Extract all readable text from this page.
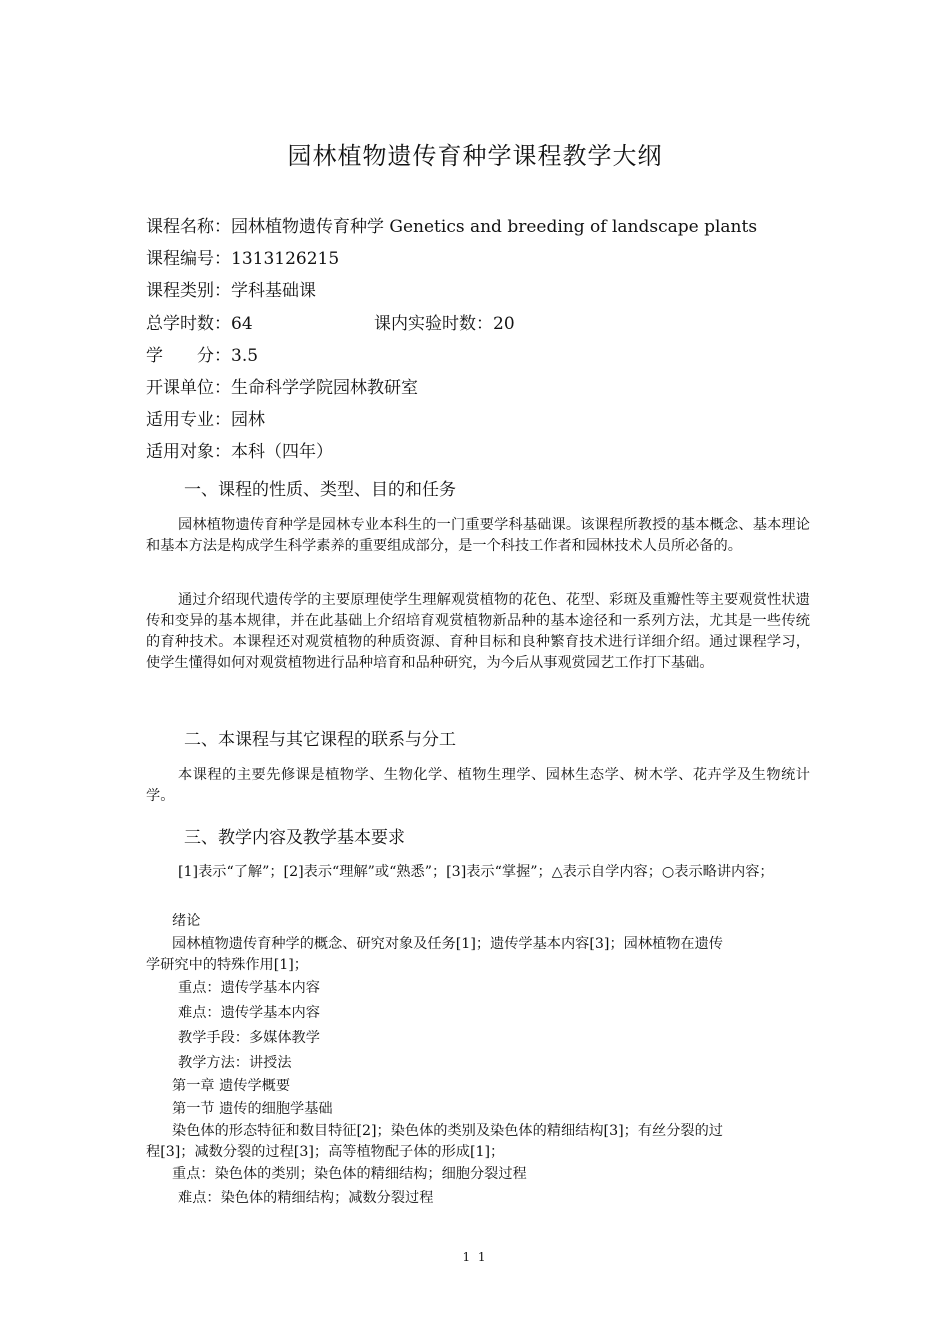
园林植物遗传育种学课程教学大纲
课程名称：园林植物遗传育种学 Genetics and breeding of landscape plants
课程编号：1313126215
课程类别：学科基础课
总学时数：64	课内实验时数：20
学　　分：3.5
开课单位：生命科学学院园林教研室
适用专业：园林
适用对象：本科（四年）
一、课程的性质、类型、目的和任务
园林植物遗传育种学是园林专业本科生的一门重要学科基础课。该课程所教授的基本概念、基本理论和基本方法是构成学生科学素养的重要组成部分，是一个科技工作者和园林技术人员所必备的。
通过介绍现代遗传学的主要原理使学生理解观赏植物的花色、花型、彩斑及重瓣性等主要观赏性状遗传和变异的基本规律，并在此基础上介绍培育观赏植物新品种的基本途径和一系列方法，尤其是一些传统的育种技术。本课程还对观赏植物的种质资源、育种目标和良种繁育技术进行详细介绍。通过课程学习，使学生懂得如何对观赏植物进行品种培育和品种研究，为今后从事观赏园艺工作打下基础。
二、本课程与其它课程的联系与分工
本课程的主要先修课是植物学、生物化学、植物生理学、园林生态学、树木学、花卉学及生物统计学。
三、教学内容及教学基本要求
[1]表示“了解”；[2]表示“理解”或“熟悉”；[3]表示“掌握”；△表示自学内容；○表示略讲内容；
绪论
园林植物遗传育种学的概念、研究对象及任务[1]；遗传学基本内容[3]；园林植物在遗传
学研究中的特殊作用[1]；
重点：遗传学基本内容
难点：遗传学基本内容
教学手段：多媒体教学
教学方法：讲授法
第一章 遗传学概要
第一节 遗传的细胞学基础
染色体的形态特征和数目特征[2]；染色体的类别及染色体的精细结构[3]；有丝分裂的过
程[3]；减数分裂的过程[3]；高等植物配子体的形成[1]；
重点：染色体的类别；染色体的精细结构；细胞分裂过程
难点：染色体的精细结构；减数分裂过程
1 1
